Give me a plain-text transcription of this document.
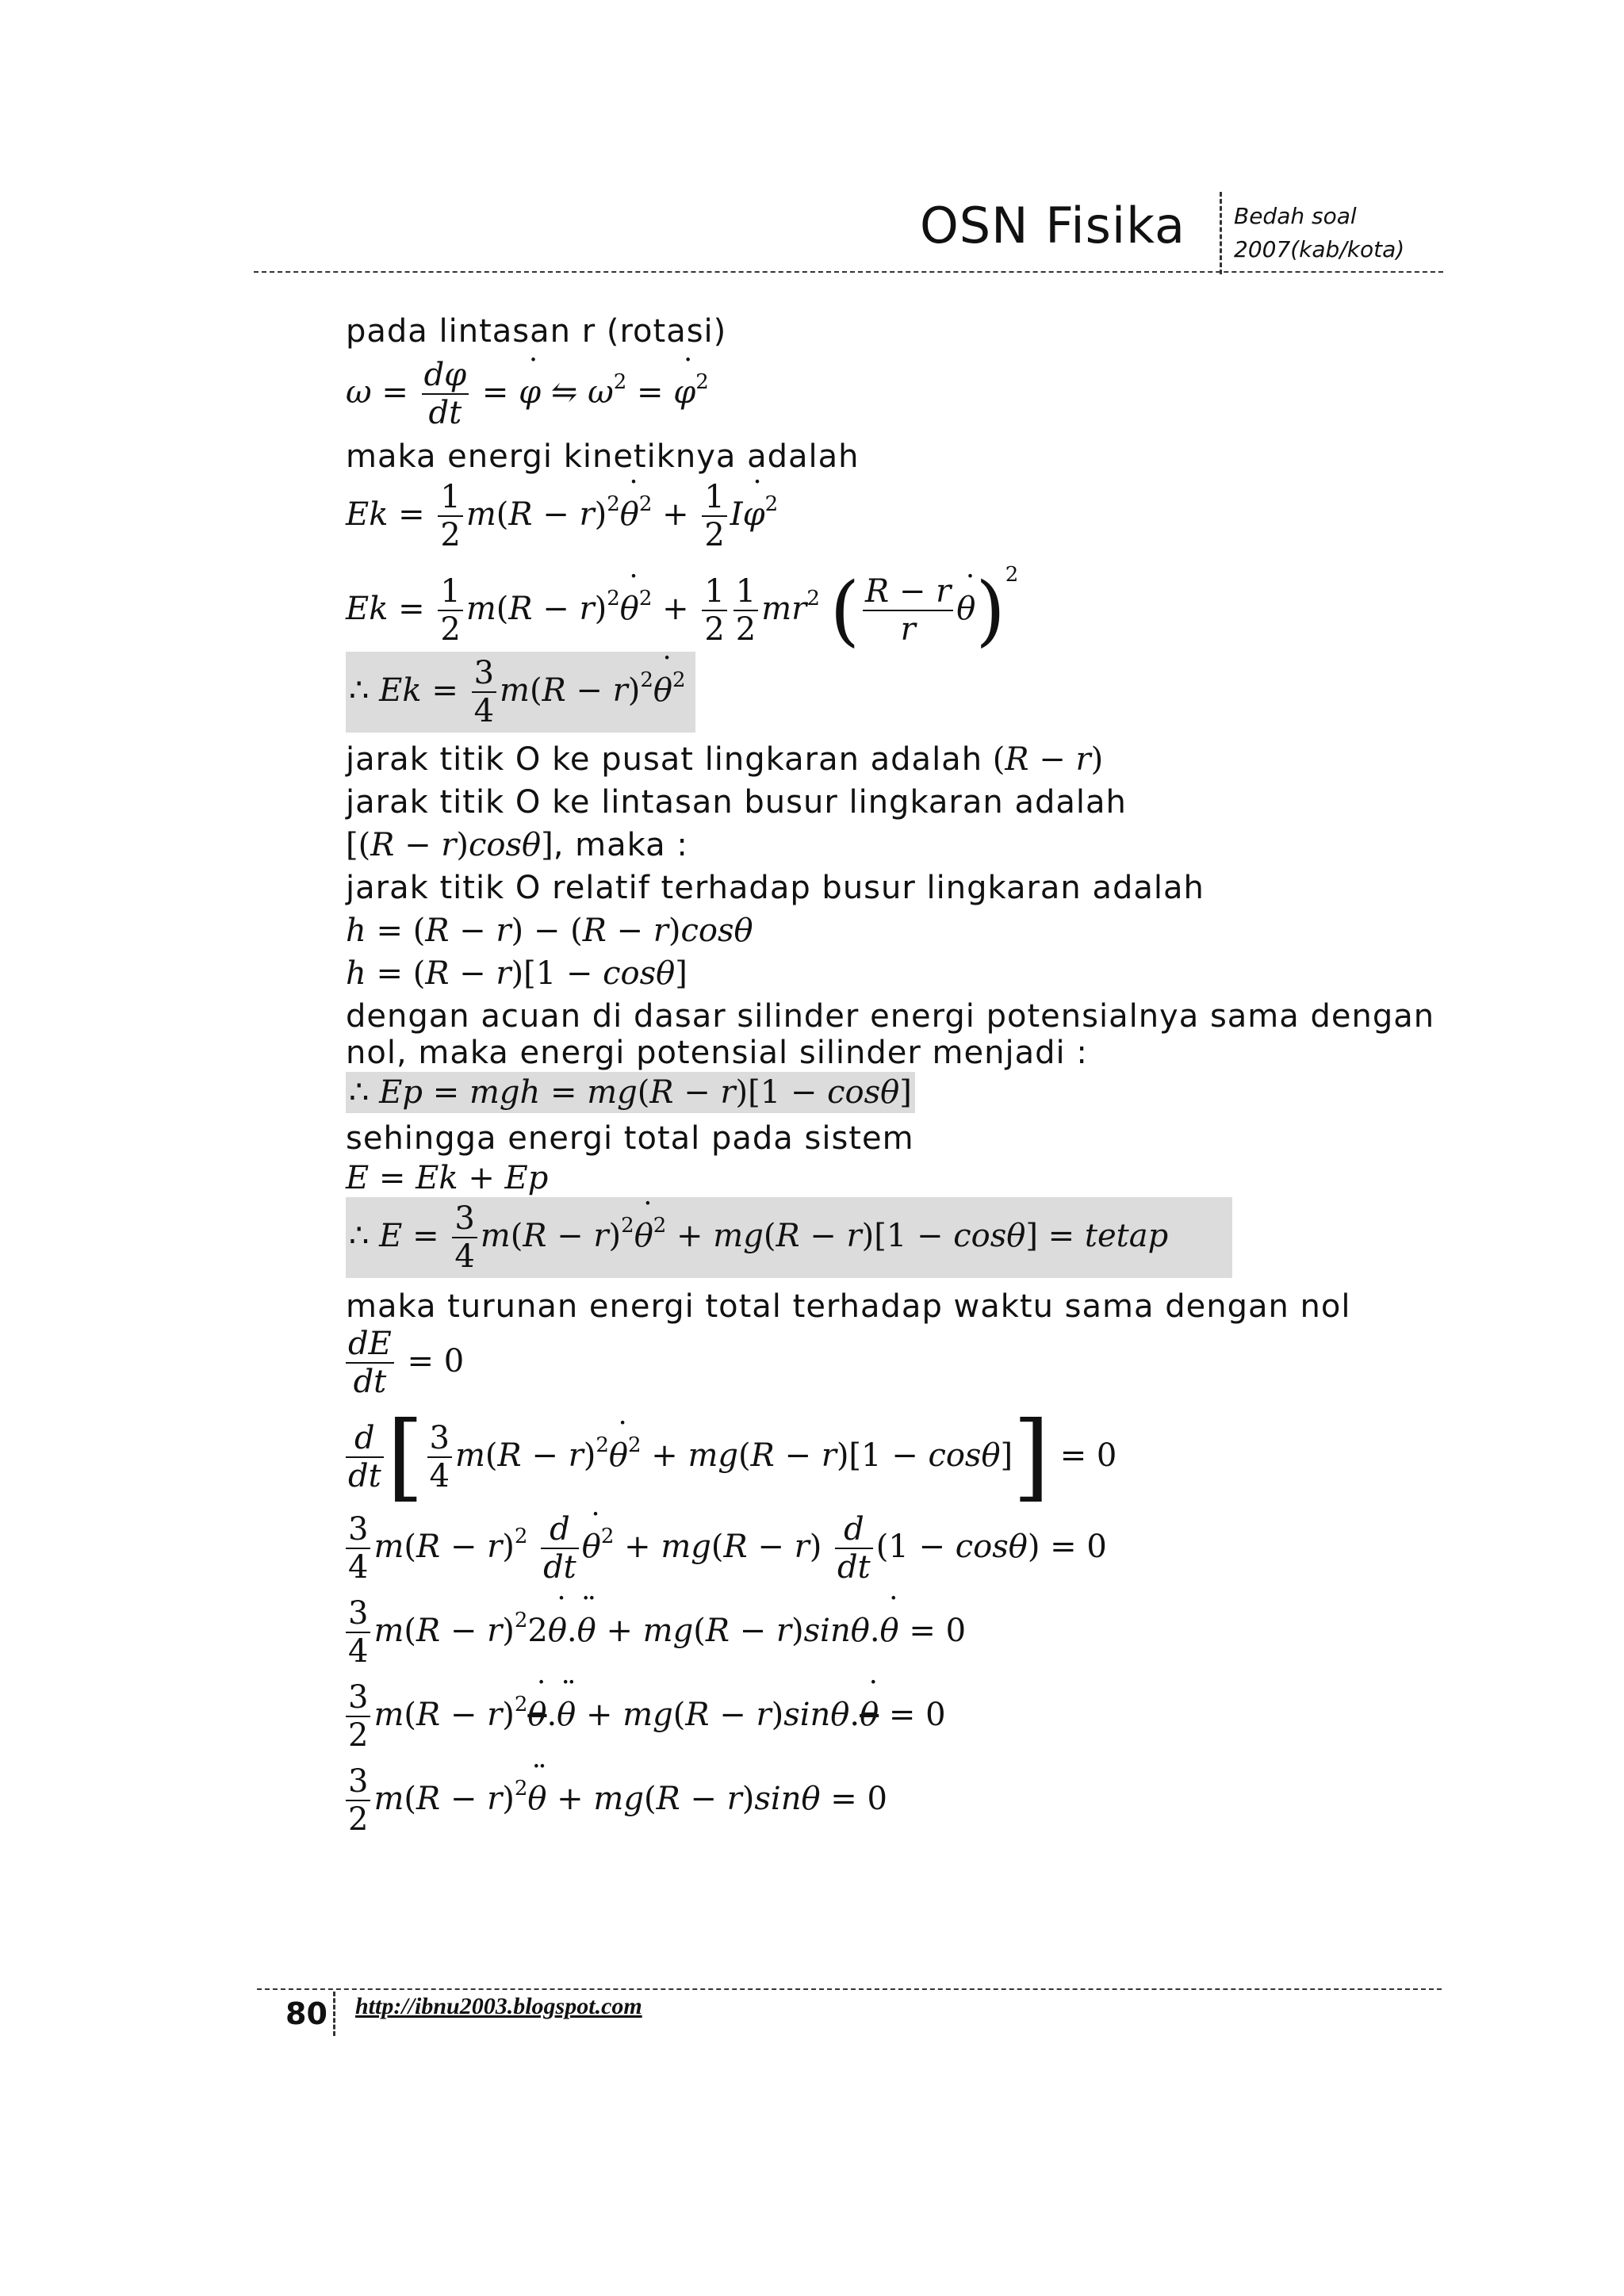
OSN Fisika Bedah soal
2007(kab/kota)
pada lintasan r (rotasi)
$\omega = \frac{d\varphi}{dt} = \varphi$ ˙ ⇋ $\omega^2 = \varphi$ ˙$^2$
maka energi kinetiknya adalah
$Ek = \frac{1}{2} m(R - r)^2\theta$ ˙$^2$ + $\frac{1}{2}$ Iφ ˙$^2$
$Ek = \frac{1}{2} m(R - r)^2\theta$ ˙$^2$ + $\frac{1}{2} \frac{1}{2} mr^2$ ( $\frac{R - r}{r}$ θ ˙)$^2$
∴ $Ek = \frac{3}{4} m(R - r)^2\theta$ ˙$^2$
jarak titik O ke pusat lingkaran adalah (R − r)
jarak titik O ke lintasan busur lingkaran adalah
[(R − r)cosθ], maka :
jarak titik O relatif terhadap busur lingkaran adalah
h = (R − r) − (R − r)cosθ
h = (R − r)[1 − cosθ]
dengan acuan di dasar silinder energi potensialnya sama dengan
nol, maka energi potensial silinder menjadi :
∴ Ep = mgh = mg(R − r)[1 − cosθ]
sehingga energi total pada sistem
E = Ek + Ep
∴ $E = \frac{3}{4} m(R - r)^2\theta$ ˙$^2$ + mg(R − r)[1 − cosθ] = tetap
maka turunan energi total terhadap waktu sama dengan nol
$\frac{dE}{dt} = 0$
$\frac{d}{dt}$ [ $\frac{3}{4} m(R - r)^2\theta$ ˙$^2$ + mg(R − r)[1 − cosθ]] = 0
$\frac{3}{4} m(R - r)^2 \frac{d}{dt}$ θ ˙$^2$ + $mg(R - r) \frac{d}{dt} (1 - \cos\theta) = 0$
$\frac{3}{4} m(R - r)^22\theta$ ˙.θ ¨ + mg(R − r)sinθ.θ ˙ = 0
$\frac{3}{2} m(R - r)^2\theta$ ˙.θ ¨ + mg(R − r)sinθ.θ ˙ = 0
$\frac{3}{2} m(R - r)^2\theta$ ¨ + mg(R − r)sinθ = 0
80 http://ibnu2003.blogspot.com
